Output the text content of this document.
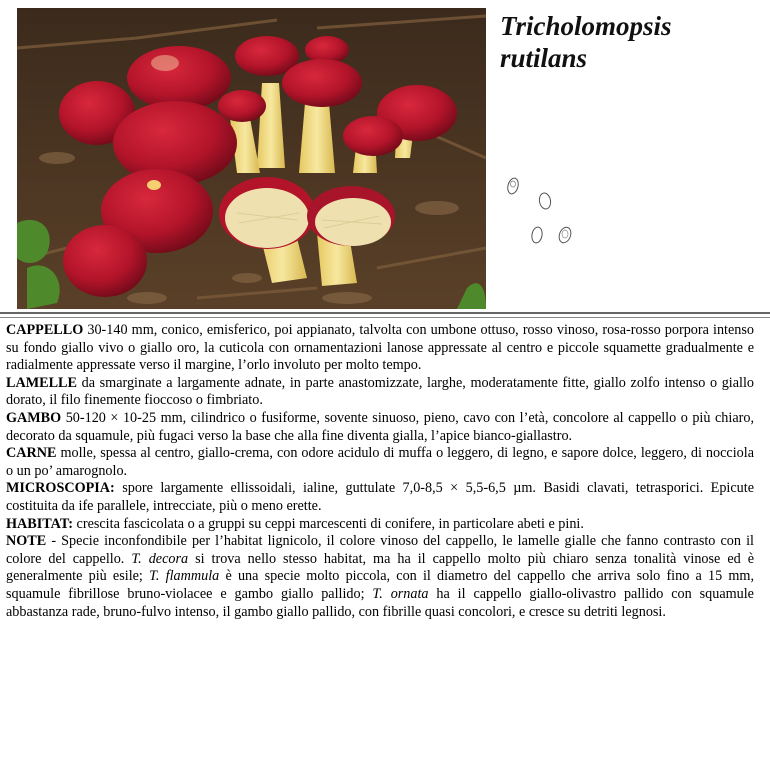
Tricholomopsis
rutilans

CAPPELLO 30-140 mm, conico, emisferico, poi appianato, talvolta con umbone ottuso, rosso vinoso, rosa-rosso porpora intenso su fondo giallo vivo o giallo oro, la cuticola con ornamentazioni lanose appressate al centro e piccole squamette gradualmente e radialmente appressate verso il margine, l’orlo involuto per molto tempo.

LAMELLE da smarginate a largamente adnate, in parte anastomizzate, larghe, moderatamente fitte, giallo zolfo intenso o giallo dorato, il filo finemente fioccoso o fimbriato.

GAMBO 50-120 × 10-25 mm, cilindrico o fusiforme, sovente sinuoso, pieno, cavo con l’età, concolore al cappello o più chiaro, decorato da squamule, più fugaci verso la base che alla fine diventa gialla, l’apice bianco-giallastro.

CARNE molle, spessa al centro, giallo-crema, con odore acidulo di muffa o leggero, di legno, e sapore dolce, leggero, di nocciola o un po’ amarognolo.

MICROSCOPIA: spore largamente ellissoidali, ialine, guttulate 7,0-8,5 × 5,5-6,5 µm. Basidi clavati, tetrasporici. Epicute costituita da ife parallele, intrecciate, più o meno erette.

HABITAT: crescita fascicolata o a gruppi su ceppi marcescenti di conifere, in particolare abeti e pini.

NOTE - Specie inconfondibile per l’habitat lignicolo, il colore vinoso del cappello, le lamelle gialle che fanno contrasto con il colore del cappello. T. decora si trova nello stesso habitat, ma ha il cappello molto più chiaro senza tonalità vinose ed è generalmente più esile; T. flammula è una specie molto piccola, con il diametro del cappello che arriva solo fino a 15 mm, squamule fibrillose bruno-violacee e gambo giallo pallido; T. ornata ha il cappello giallo-olivastro pallido con squamule abbastanza rade, bruno-fulvo intenso, il gambo giallo pallido, con fibrille quasi concolori, e cresce su detriti legnosi.
